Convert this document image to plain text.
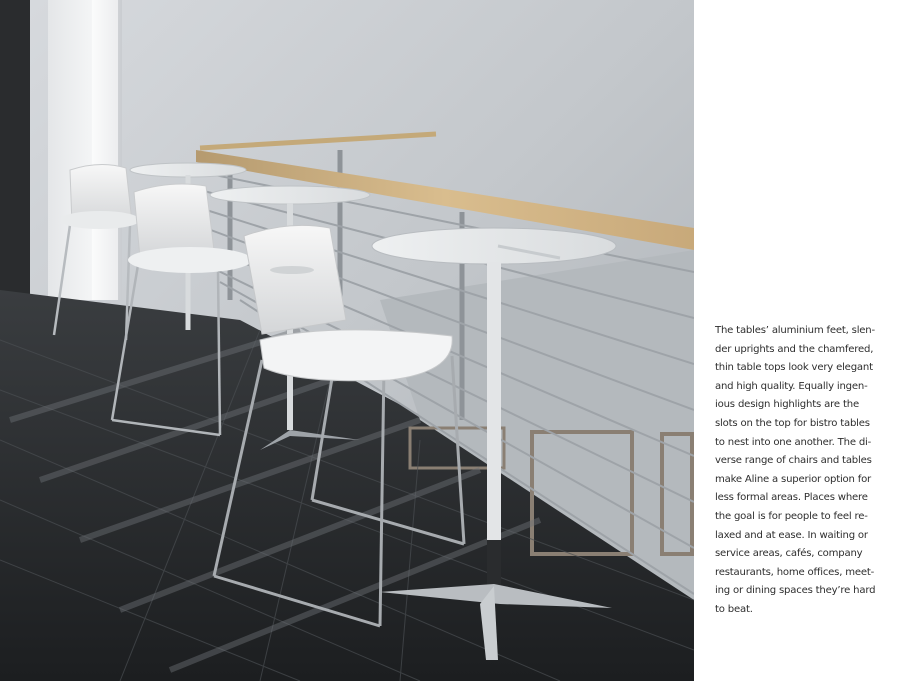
The tables’ aluminium feet, slen-
der uprights and the chamfered,
thin table tops look very elegant
and high quality. Equally ingen-
ious design highlights are the
slots on the top for bistro tables
to nest into one another. The di-
verse range of chairs and tables
make Aline a superior option for
less formal areas. Places where
the goal is for people to feel re-
laxed and at ease. In waiting or
service areas, cafés, company
restaurants, home offices, meet-
ing or dining spaces they’re hard
to beat.
